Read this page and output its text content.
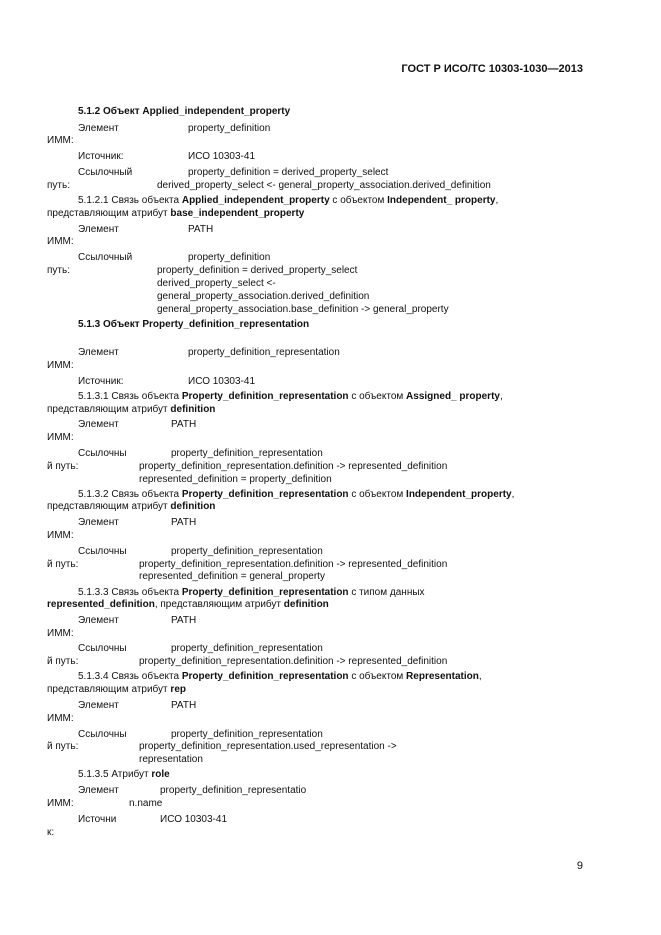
ГОСТ Р ИСО/ТС 10303-1030—2013
5.1.2 Объект Applied_independent_property
Элемент	property_definition
ИММ:
Источник:	ИСО 10303-41
Ссылочный	property_definition = derived_property_select
путь:	derived_property_select <- general_property_association.derived_definition
5.1.2.1 Связь объекта Applied_independent_property с объектом Independent_ property,
представляющим атрибут base_independent_property
Элемент	PATH
ИММ:
Ссылочный	property_definition
путь:	property_definition = derived_property_select
derived_property_select <-
general_property_association.derived_definition
general_property_association.base_definition -> general_property
5.1.3 Объект Property_definition_representation
Элемент	property_definition_representation
ИММ:
Источник:	ИСО 10303-41
5.1.3.1 Связь объекта Property_definition_representation с объектом Assigned_ property,
представляющим атрибут definition
Элемент	PATH
ИММ:
Ссылочны	property_definition_representation
й путь:	property_definition_representation.definition -> represented_definition
represented_definition = property_definition
5.1.3.2 Связь объекта Property_definition_representation с объектом Independent_property,
представляющим атрибут definition
Элемент	PATH
ИММ:
Ссылочны	property_definition_representation
й путь:	property_definition_representation.definition -> represented_definition
represented_definition = general_property
5.1.3.3 Связь объекта Property_definition_representation с типом данных
represented_definition, представляющим атрибут definition
Элемент	PATH
ИММ:
Ссылочны	property_definition_representation
й путь:	property_definition_representation.definition -> represented_definition
5.1.3.4 Связь объекта Property_definition_representation с объектом Representation,
представляющим атрибут rep
Элемент	PATH
ИММ:
Ссылочны	property_definition_representation
й путь:	property_definition_representation.used_representation ->
representation
5.1.3.5 Атрибут role
Элемент	property_definition_representatio
ИММ:	n.name
Источни	ИСО 10303-41
к:
9
